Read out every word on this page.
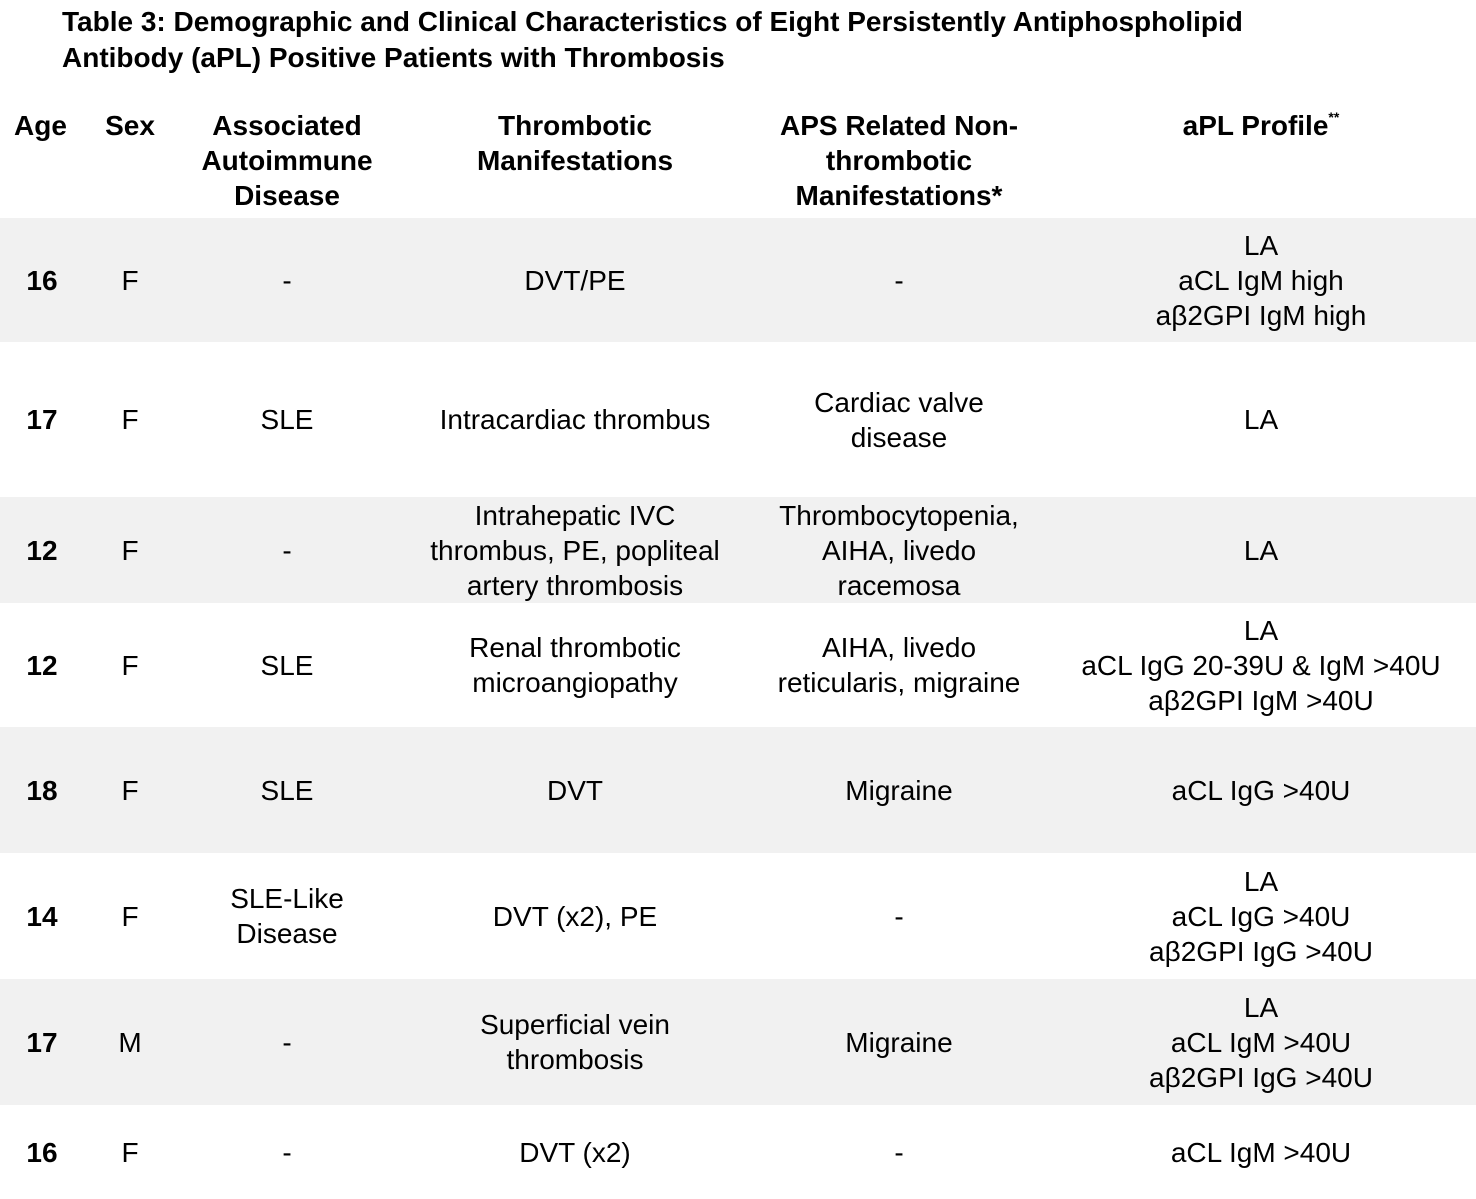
Table 3: Demographic and Clinical Characteristics of Eight Persistently Antiphospholipid
Antibody (aPL) Positive Patients with Thrombosis
Age	Sex	Associated
Autoimmune
Disease	Thrombotic
Manifestations	APS Related Non-
thrombotic
Manifestations*	aPL Profile**
16	F	-	DVT/PE	-	LA
aCL IgM high
aβ2GPI IgM high

17	F	SLE	Intracardiac thrombus	Cardiac valve
disease	LA

12	F	-	Intrahepatic IVC
thrombus, PE, popliteal
artery thrombosis	Thrombocytopenia,
AIHA, livedo
racemosa	LA

12	F	SLE	Renal thrombotic
microangiopathy	AIHA, livedo
reticularis, migraine	LA
aCL IgG 20-39U & IgM >40U
aβ2GPI IgM >40U

18	F	SLE	DVT	Migraine	aCL IgG >40U

14	F	SLE-Like
Disease	DVT (x2), PE	-	LA
aCL IgG >40U
aβ2GPI IgG >40U

17	M	-	Superficial vein
thrombosis	Migraine	LA
aCL IgM >40U
aβ2GPI IgG >40U

16	F	-	DVT (x2)	-	aCL IgM >40U
